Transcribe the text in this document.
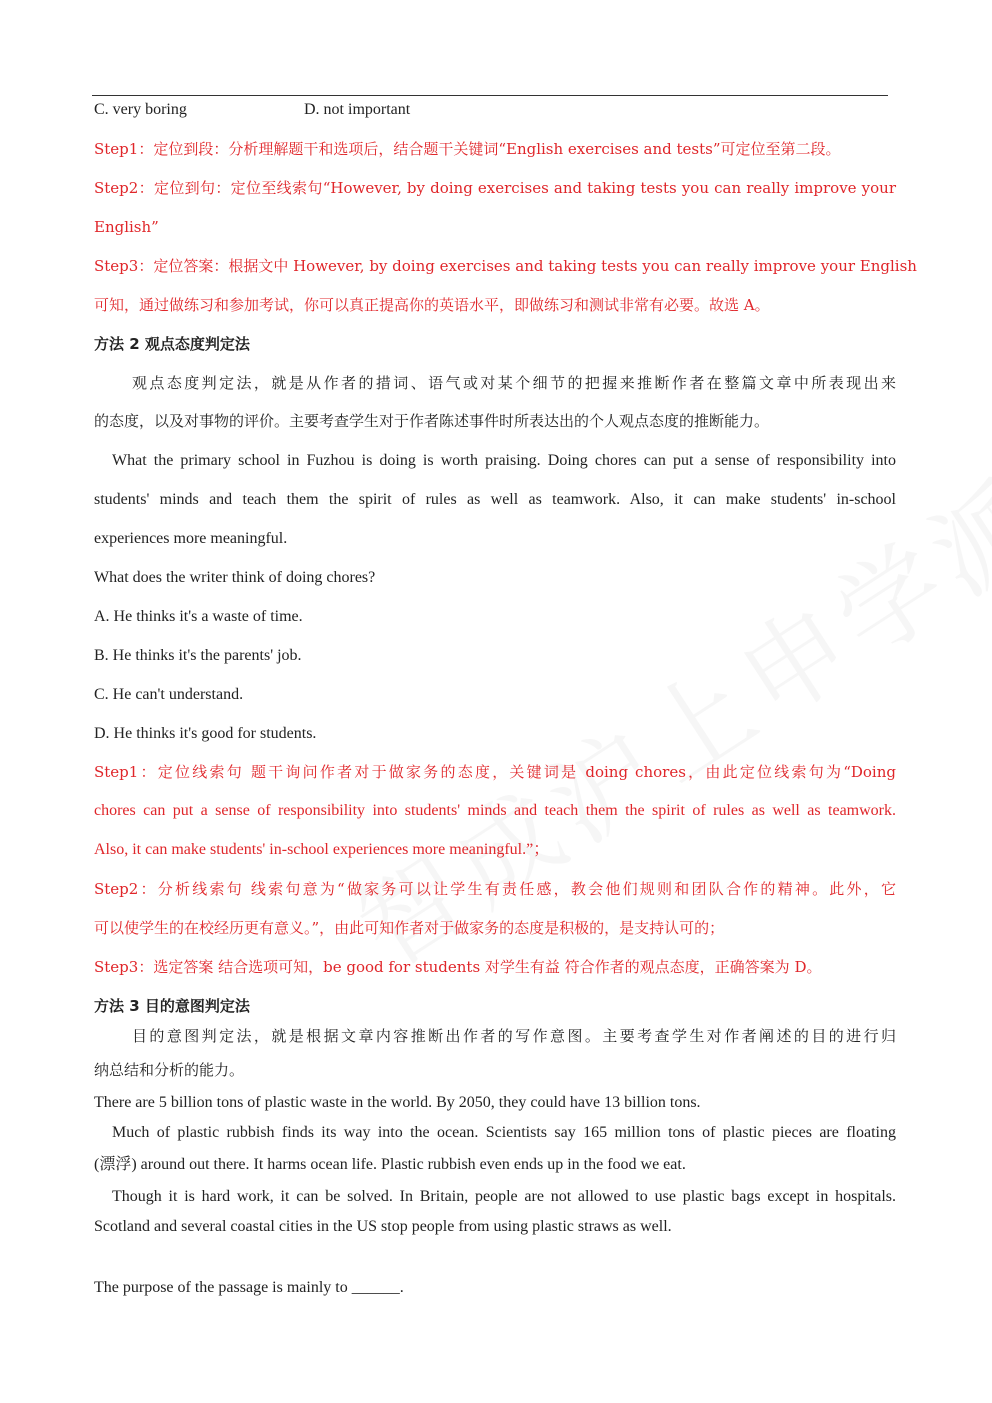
C. very boring	D. not important
Step1：定位到段：分析理解题干和选项后，结合题干关键词“English exercises and tests”可定位至第二段。
Step2：定位到句：定位至线索句“However, by doing exercises and taking tests you can really improve your
English”
Step3：定位答案：根据文中 However, by doing exercises and taking tests you can really improve your English
可知，通过做练习和参加考试，你可以真正提高你的英语水平，即做练习和测试非常有必要。故选 A。
方法 2 观点态度判定法
观点态度判定法，就是从作者的措词、语气或对某个细节的把握来推断作者在整篇文章中所表现出来
的态度，以及对事物的评价。主要考查学生对于作者陈述事件时所表达出的个人观点态度的推断能力。
What the primary school in Fuzhou is doing is worth praising. Doing chores can put a sense of responsibility into
students' minds and teach them the spirit of rules as well as teamwork. Also, it can make students' in-school
experiences more meaningful.
What does the writer think of doing chores?
A. He thinks it's a waste of time.
B. He thinks it's the parents' job.
C. He can't understand.
D. He thinks it's good for students.
Step1：定位线索句 题干询问作者对于做家务的态度，关键词是 doing chores，由此定位线索句为“Doing
chores can put a sense of responsibility into students' minds and teach them the spirit of rules as well as teamwork.
Also, it can make students' in-school experiences more meaningful.”；
Step2：分析线索句 线索句意为“做家务可以让学生有责任感，教会他们规则和团队合作的精神。此外，它
可以使学生的在校经历更有意义。”，由此可知作者对于做家务的态度是积极的，是支持认可的；
Step3：选定答案 结合选项可知，be good for students 对学生有益 符合作者的观点态度，正确答案为 D。
方法 3 目的意图判定法
目的意图判定法，就是根据文章内容推断出作者的写作意图。主要考查学生对作者阐述的目的进行归
纳总结和分析的能力。
There are 5 billion tons of plastic waste in the world. By 2050, they could have 13 billion tons.
Much of plastic rubbish finds its way into the ocean. Scientists say 165 million tons of plastic pieces are floating
(漂浮) around out there. It harms ocean life. Plastic rubbish even ends up in the food we eat.
Though it is hard work, it can be solved. In Britain, people are not allowed to use plastic bags except in hospitals.
Scotland and several coastal cities in the US stop people from using plastic straws as well.
The purpose of the passage is mainly to ______.
